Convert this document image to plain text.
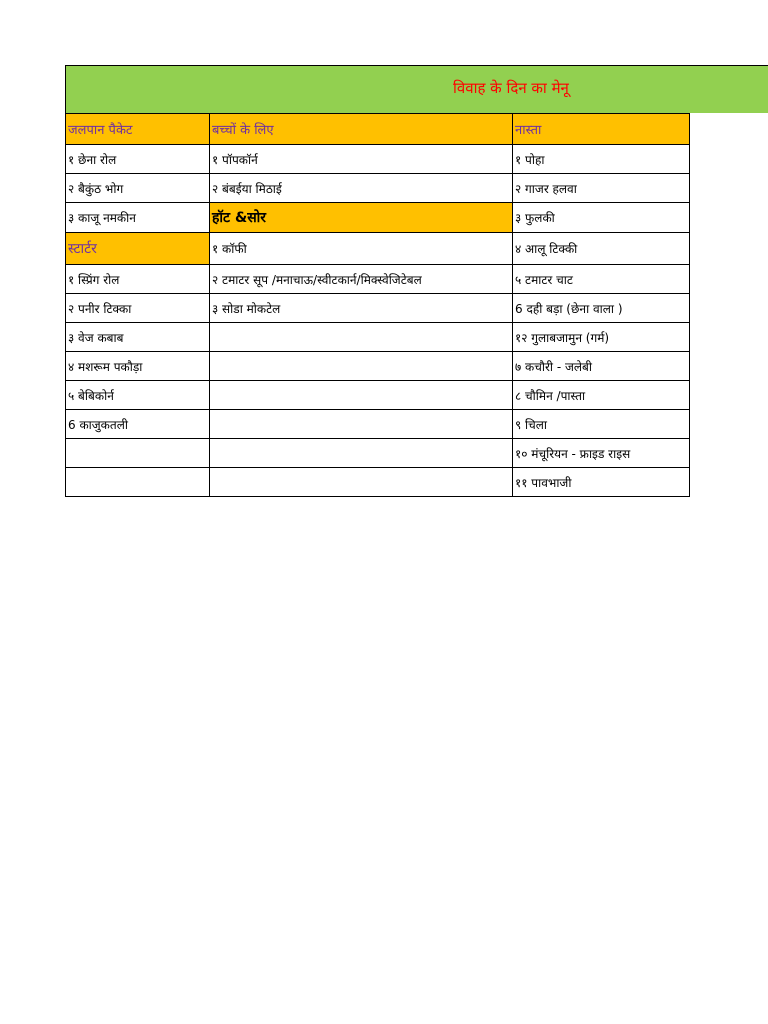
विवाह के दिन का मेनू
जलपान पैकेट	बच्चों के लिए	नास्ता
१ छेना रोल	१ पॉपकॉर्न	१ पोहा
२ बैकुंठ भोग	२ बंबईया मिठाई	२ गाजर हलवा
३ काजू नमकीन	हॉट &सोर	३ फुलकी
स्टार्टर	१ कॉफी	४ आलू टिक्की
१ स्प्रिंग रोल	२ टमाटर सूप /मनाचाऊ/स्वीटकार्न/मिक्स्वेजिटेबल	५ टमाटर चाट
२ पनीर टिक्का	३ सोडा मोकटेल	6 दही बड़ा (छेना वाला )
३ वेज कबाब		१२ गुलाबजामुन (गर्म)
४ मशरूम पकौड़ा		७ कचौरी - जलेबी
५ बेबिकोर्न		८ चौमिन /पास्ता
6 काजुकतली		९ चिला
		१० मंचूरियन - फ्राइड राइस
		११ पावभाजी
